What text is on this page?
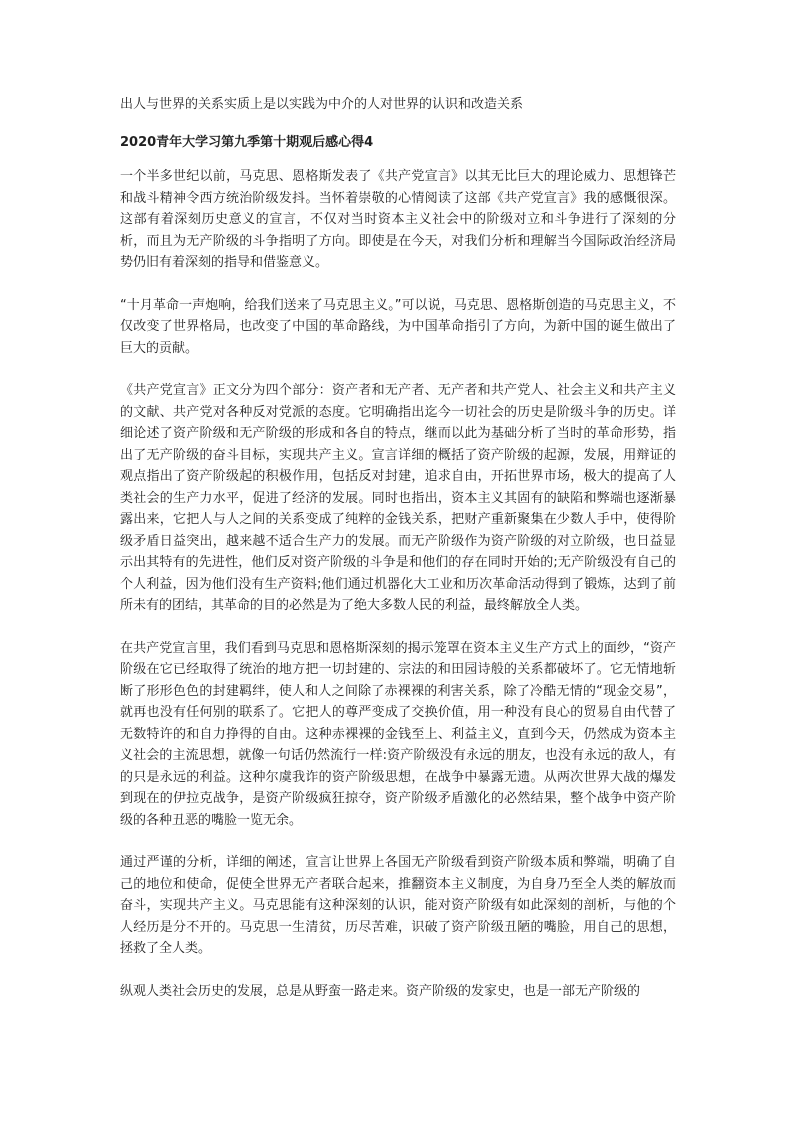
出人与世界的关系实质上是以实践为中介的人对世界的认识和改造关系

2020青年大学习第九季第十期观后感心得4

一个半多世纪以前，马克思、恩格斯发表了《共产党宣言》以其无比巨大的理论威力、思想锋芒和战斗精神令西方统治阶级发抖。当怀着崇敬的心情阅读了这部《共产党宣言》我的感慨很深。这部有着深刻历史意义的宣言，不仅对当时资本主义社会中的阶级对立和斗争进行了深刻的分析，而且为无产阶级的斗争指明了方向。即使是在今天，对我们分析和理解当今国际政治经济局势仍旧有着深刻的指导和借鉴意义。

“十月革命一声炮响，给我们送来了马克思主义。”可以说，马克思、恩格斯创造的马克思主义，不仅改变了世界格局，也改变了中国的革命路线，为中国革命指引了方向，为新中国的诞生做出了巨大的贡献。

《共产党宣言》正文分为四个部分：资产者和无产者、无产者和共产党人、社会主义和共产主义的文献、共产党对各种反对党派的态度。它明确指出迄今一切社会的历史是阶级斗争的历史。详细论述了资产阶级和无产阶级的形成和各自的特点，继而以此为基础分析了当时的革命形势，指出了无产阶级的奋斗目标，实现共产主义。宣言详细的概括了资产阶级的起源，发展，用辩证的观点指出了资产阶级起的积极作用，包括反对封建，追求自由，开拓世界市场，极大的提高了人类社会的生产力水平，促进了经济的发展。同时也指出，资本主义其固有的缺陷和弊端也逐渐暴露出来，它把人与人之间的关系变成了纯粹的金钱关系，把财产重新聚集在少数人手中，使得阶级矛盾日益突出，越来越不适合生产力的发展。而无产阶级作为资产阶级的对立阶级，也日益显示出其特有的先进性，他们反对资产阶级的斗争是和他们的存在同时开始的;无产阶级没有自己的个人利益，因为他们没有生产资料;他们通过机器化大工业和历次革命活动得到了锻炼，达到了前所未有的团结，其革命的目的必然是为了绝大多数人民的利益，最终解放全人类。

在共产党宣言里，我们看到马克思和恩格斯深刻的揭示笼罩在资本主义生产方式上的面纱，“资产阶级在它已经取得了统治的地方把一切封建的、宗法的和田园诗般的关系都破坏了。它无情地斩断了形形色色的封建羁绊，使人和人之间除了赤裸裸的利害关系，除了冷酷无情的“现金交易”，就再也没有任何别的联系了。它把人的尊严变成了交换价值，用一种没有良心的贸易自由代替了无数特许的和自力挣得的自由。这种赤裸裸的金钱至上、利益主义，直到今天，仍然成为资本主义社会的主流思想，就像一句话仍然流行一样:资产阶级没有永远的朋友，也没有永远的敌人，有的只是永远的利益。这种尔虞我诈的资产阶级思想，在战争中暴露无遗。从两次世界大战的爆发到现在的伊拉克战争，是资产阶级疯狂掠夺，资产阶级矛盾激化的必然结果，整个战争中资产阶级的各种丑恶的嘴脸一览无余。

通过严谨的分析，详细的阐述，宣言让世界上各国无产阶级看到资产阶级本质和弊端，明确了自己的地位和使命，促使全世界无产者联合起来，推翻资本主义制度，为自身乃至全人类的解放而奋斗，实现共产主义。马克思能有这种深刻的认识，能对资产阶级有如此深刻的剖析，与他的个人经历是分不开的。马克思一生清贫，历尽苦难，识破了资产阶级丑陋的嘴脸，用自己的思想，拯救了全人类。

纵观人类社会历史的发展，总是从野蛮一路走来。资产阶级的发家史，也是一部无产阶级的
